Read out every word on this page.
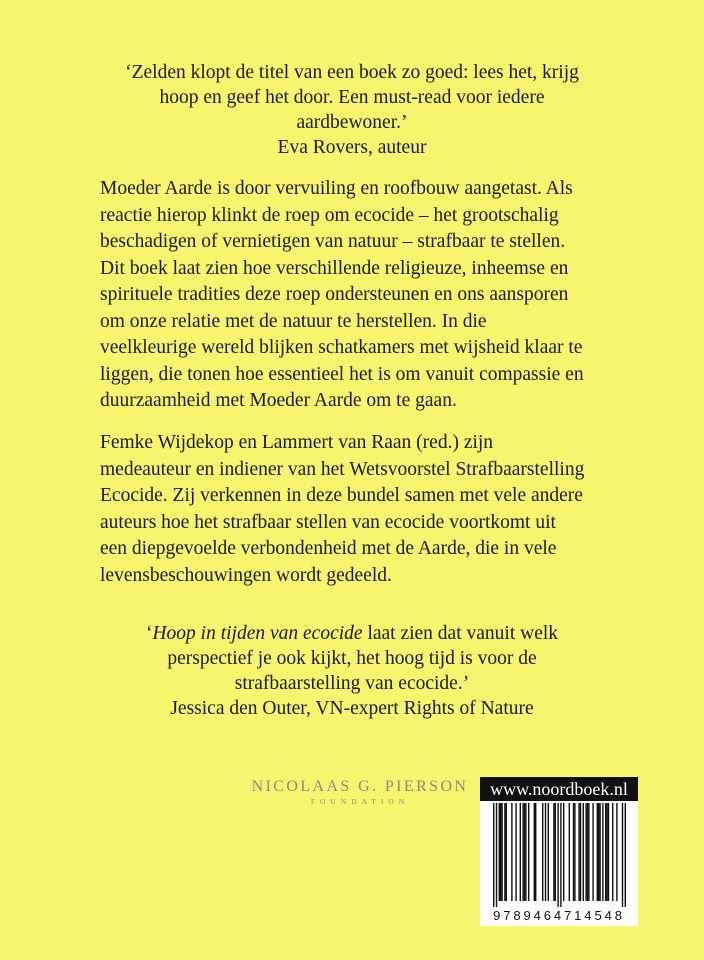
‘Zelden klopt de titel van een boek zo goed: lees het, krijg
hoop en geef het door. Een must-read voor iedere
aardbewoner.’
Eva Rovers, auteur
Moeder Aarde is door vervuiling en roofbouw aangetast. Als
reactie hierop klinkt de roep om ecocide – het grootschalig
beschadigen of vernietigen van natuur – strafbaar te stellen.
Dit boek laat zien hoe verschillende religieuze, inheemse en
spirituele tradities deze roep ondersteunen en ons aansporen
om onze relatie met de natuur te herstellen. In die
veelkleurige wereld blijken schatkamers met wijsheid klaar te
liggen, die tonen hoe essentieel het is om vanuit compassie en
duurzaamheid met Moeder Aarde om te gaan.
Femke Wijdekop en Lammert van Raan (red.) zijn
medeauteur en indiener van het Wetsvoorstel Strafbaarstelling
Ecocide. Zij verkennen in deze bundel samen met vele andere
auteurs hoe het strafbaar stellen van ecocide voortkomt uit
een diepgevoelde verbondenheid met de Aarde, die in vele
levensbeschouwingen wordt gedeeld.
‘Hoop in tijden van ecocide laat zien dat vanuit welk
perspectief je ook kijkt, het hoog tijd is voor de
strafbaarstelling van ecocide.’
Jessica den Outer, VN-expert Rights of Nature
NICOLAAS G. PIERSON
FOUNDATION
www.noordboek.nl
9789464714548
